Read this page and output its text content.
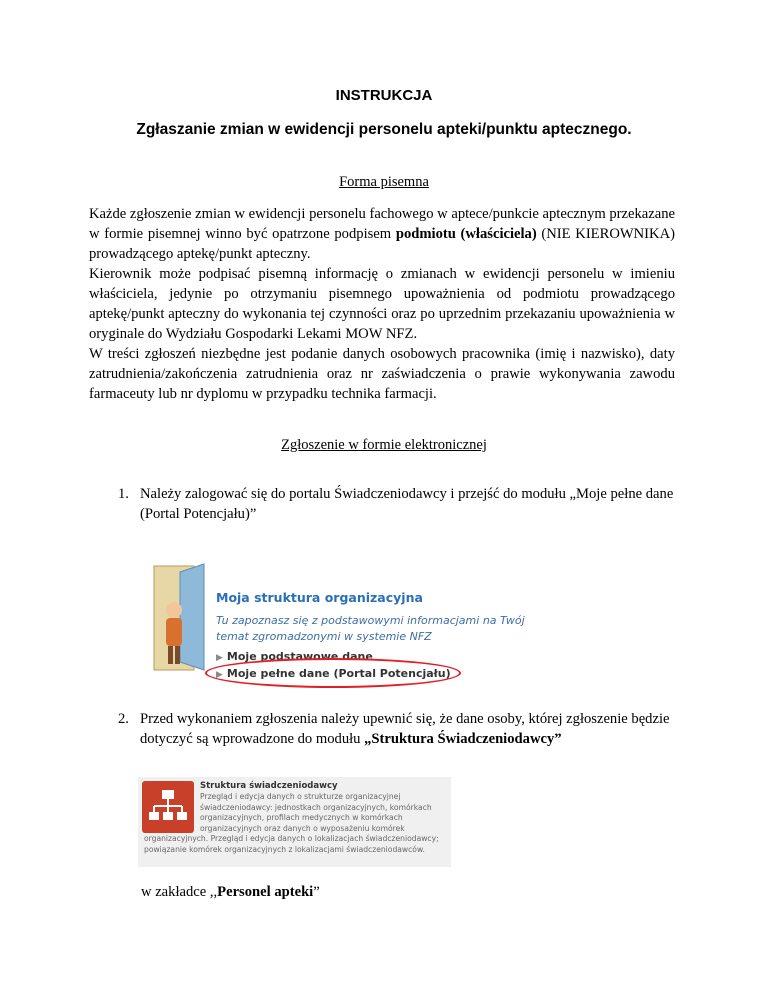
INSTRUKCJA
Zgłaszanie zmian w ewidencji personelu apteki/punktu aptecznego.
Forma pisemna
Każde zgłoszenie zmian w ewidencji personelu fachowego w aptece/punkcie aptecznym przekazane w formie pisemnej winno być opatrzone podpisem podmiotu (właściciela) (NIE KIEROWNIKA) prowadzącego aptekę/punkt apteczny.
Kierownik może podpisać pisemną informację o zmianach w ewidencji personelu w imieniu właściciela, jedynie po otrzymaniu pisemnego upoważnienia od podmiotu prowadzącego aptekę/punkt apteczny do wykonania tej czynności oraz po uprzednim przekazaniu upoważnienia w oryginale do Wydziału Gospodarki Lekami MOW NFZ.
W treści zgłoszeń niezbędne jest podanie danych osobowych pracownika (imię i nazwisko), daty zatrudnienia/zakończenia zatrudnienia oraz nr zaświadczenia o prawie wykonywania zawodu farmaceuty lub nr dyplomu w przypadku technika farmacji.
Zgłoszenie w formie elektronicznej
1. Należy zalogować się do portalu Świadczeniodawcy i przejść do modułu „Moje pełne dane (Portal Potencjału)”
Moja struktura organizacyjna
Tu zapoznasz się z podstawowymi informacjami na Twój temat zgromadzonymi w systemie NFZ
▶ Moje podstawowe dane
▶ Moje pełne dane (Portal Potencjału)
2. Przed wykonaniem zgłoszenia należy upewnić się, że dane osoby, której zgłoszenie będzie dotyczyć są wprowadzone do modułu „Struktura Świadczeniodawcy”
Struktura świadczeniodawcy
Przegląd i edycja danych o strukturze organizacyjnej świadczeniodawcy: jednostkach organizacyjnych, komórkach organizacyjnych, profilach medycznych w komórkach organizacyjnych oraz danych o wyposażeniu komórek
organizacyjnych. Przegląd i edycja danych o lokalizacjach świadczeniodawcy; powiązanie komórek organizacyjnych z lokalizacjami świadczeniodawców.
w zakładce ,,Personel apteki”
